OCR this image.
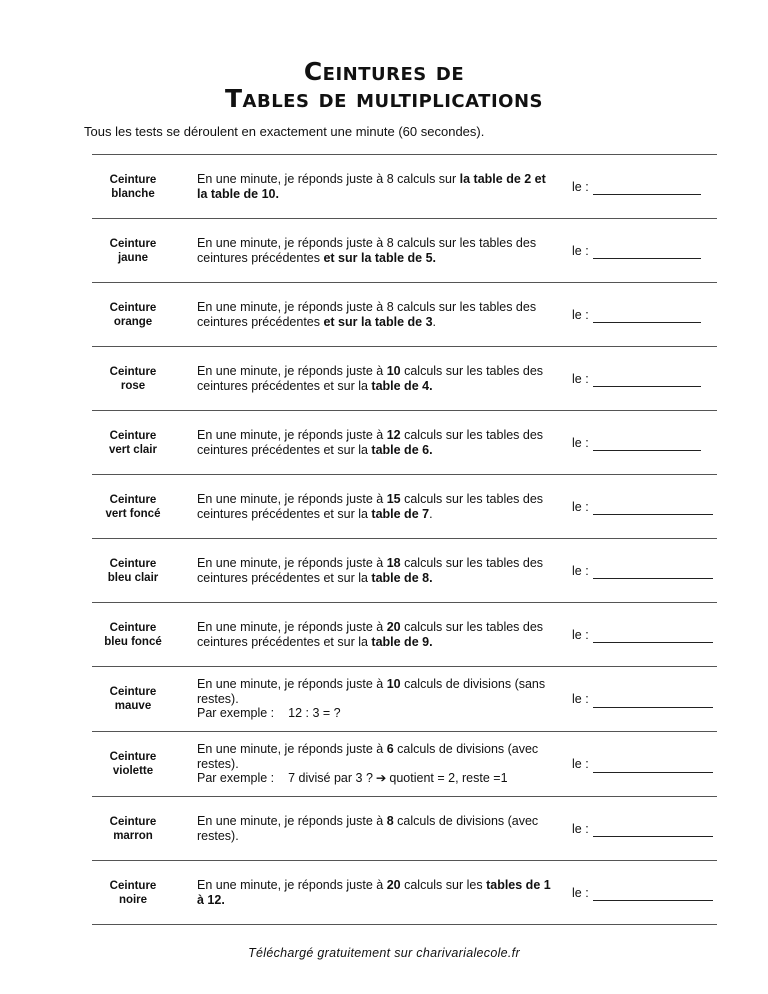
Ceintures de
Tables de multiplications
Tous les tests se déroulent en exactement une minute (60 secondes).
Ceinture
blanche
En une minute, je réponds juste à 8 calculs sur la table de 2 et la table de 10.	le :
Ceinture
jaune
En une minute, je réponds juste à 8 calculs sur les tables des ceintures précédentes et sur la table de 5.	le :
Ceinture
orange
En une minute, je réponds juste à 8 calculs sur les tables des ceintures précédentes et sur la table de 3.	le :
Ceinture
rose
En une minute, je réponds juste à 10 calculs sur les tables des ceintures précédentes et sur la table de 4.	le :
Ceinture
vert clair
En une minute, je réponds juste à 12 calculs sur les tables des ceintures précédentes et sur la table de 6.	le :
Ceinture
vert foncé
En une minute, je réponds juste à 15 calculs sur les tables des ceintures précédentes et sur la table de 7.	le :
Ceinture
bleu clair
En une minute, je réponds juste à 18 calculs sur les tables des ceintures précédentes et sur la table de 8.	le :
Ceinture
bleu foncé
En une minute, je réponds juste à 20 calculs sur les tables des ceintures précédentes et sur la table de 9.	le :
Ceinture
mauve
En une minute, je réponds juste à 10 calculs de divisions (sans restes).
Par exemple : 12 : 3 = ?
le :
Ceinture
violette
En une minute, je réponds juste à 6 calculs de divisions (avec restes).
Par exemple : 7 divisé par 3 ? ➔ quotient = 2, reste =1
le :
Ceinture
marron
En une minute, je réponds juste à 8 calculs de divisions (avec restes).	le :
Ceinture
noire
En une minute, je réponds juste à 20 calculs sur les tables de 1 à 12.	le :
Téléchargé gratuitement sur charivarialecole.fr
